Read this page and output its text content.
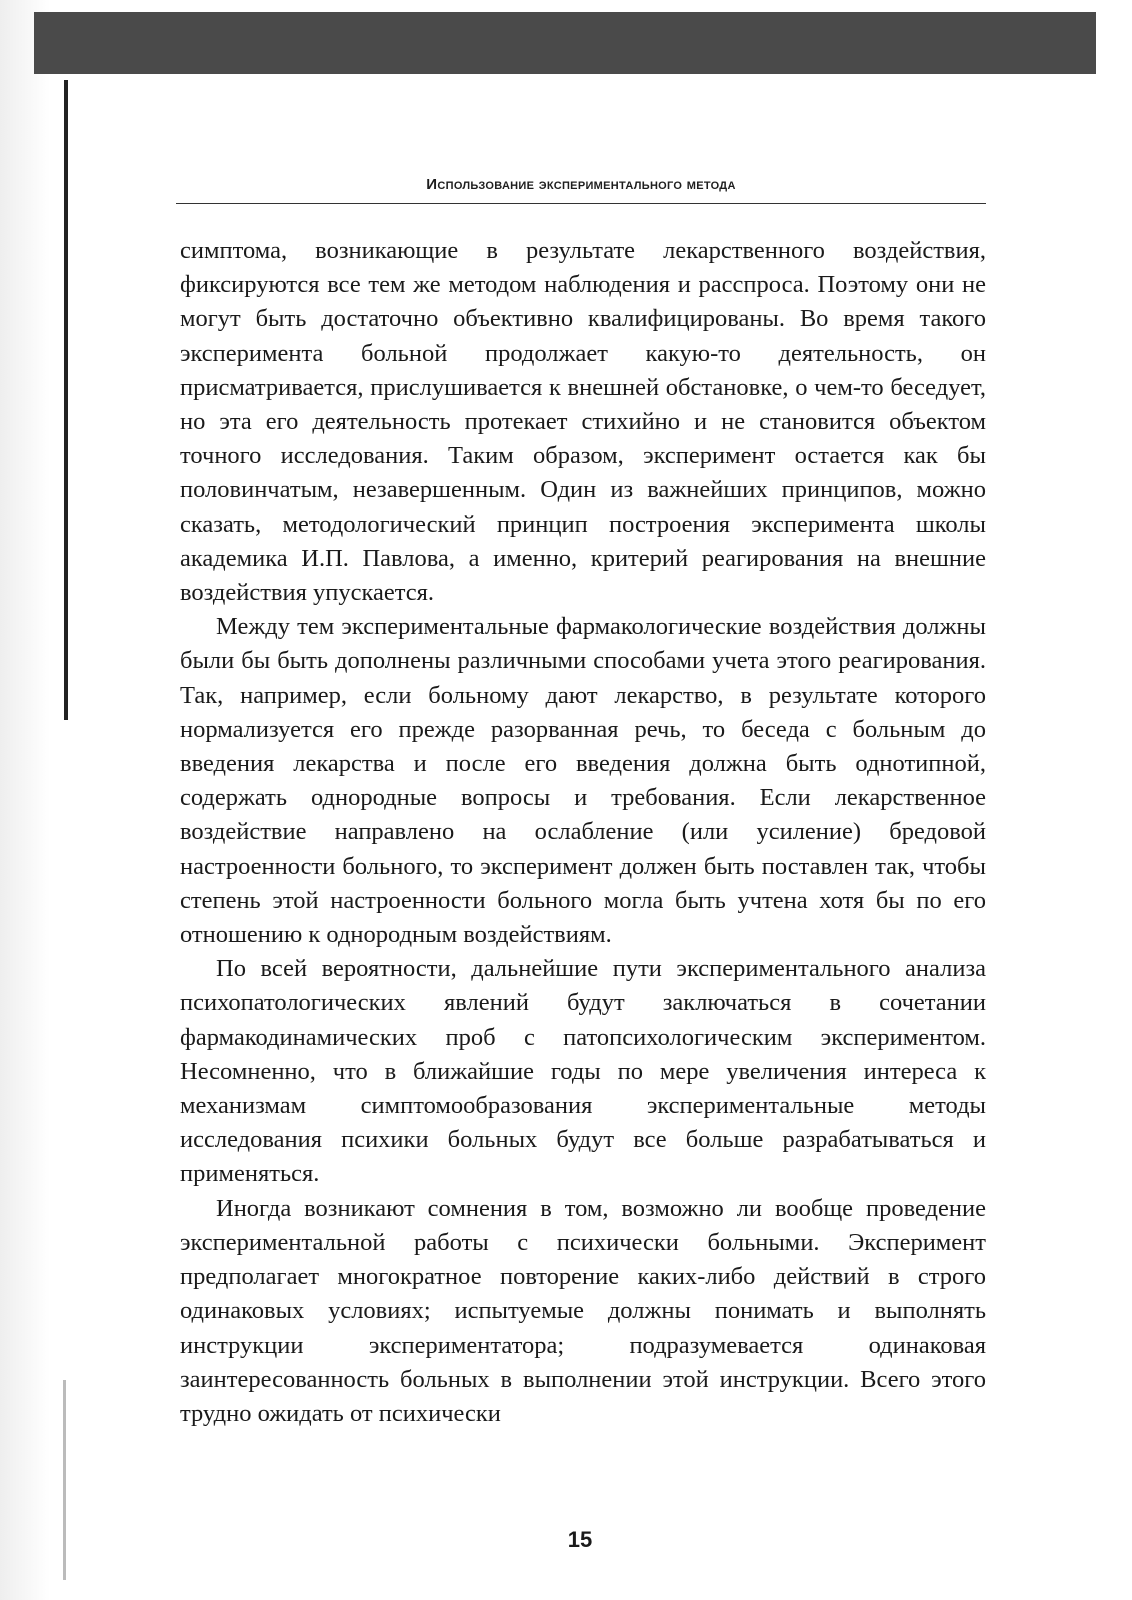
Использование экспериментального метода

симптома, возникающие в результате лекарственного воздействия, фиксируются все тем же методом наблюдения и расспроса. Поэтому они не могут быть достаточно объективно квалифицированы. Во время такого эксперимента больной продолжает какую-то деятельность, он присматривается, прислушивается к внешней обстановке, о чем-то беседует, но эта его деятельность протекает стихийно и не становится объектом точного исследования. Таким образом, эксперимент остается как бы половинчатым, незавершенным. Один из важнейших принципов, можно сказать, методологический принцип построения эксперимента школы академика И.П. Павлова, а именно, критерий реагирования на внешние воздействия упускается.

Между тем экспериментальные фармакологические воздействия должны были бы быть дополнены различными способами учета этого реагирования. Так, например, если больному дают лекарство, в результате которого нормализуется его прежде разорванная речь, то беседа с больным до введения лекарства и после его введения должна быть однотипной, содержать однородные вопросы и требования. Если лекарственное воздействие направлено на ослабление (или усиление) бредовой настроенности больного, то эксперимент должен быть поставлен так, чтобы степень этой настроенности больного могла быть учтена хотя бы по его отношению к однородным воздействиям.

По всей вероятности, дальнейшие пути экспериментального анализа психопатологических явлений будут заключаться в сочетании фармакодинамических проб с патопсихологическим экспериментом. Несомненно, что в ближайшие годы по мере увеличения интереса к механизмам симптомообразования экспериментальные методы исследования психики больных будут все больше разрабатываться и применяться.

Иногда возникают сомнения в том, возможно ли вообще проведение экспериментальной работы с психически больными. Эксперимент предполагает многократное повторение каких-либо действий в строго одинаковых условиях; испытуемые должны понимать и выполнять инструкции экспериментатора; подразумевается одинаковая заинтересованность больных в выполнении этой инструкции. Всего этого трудно ожидать от психически

15
